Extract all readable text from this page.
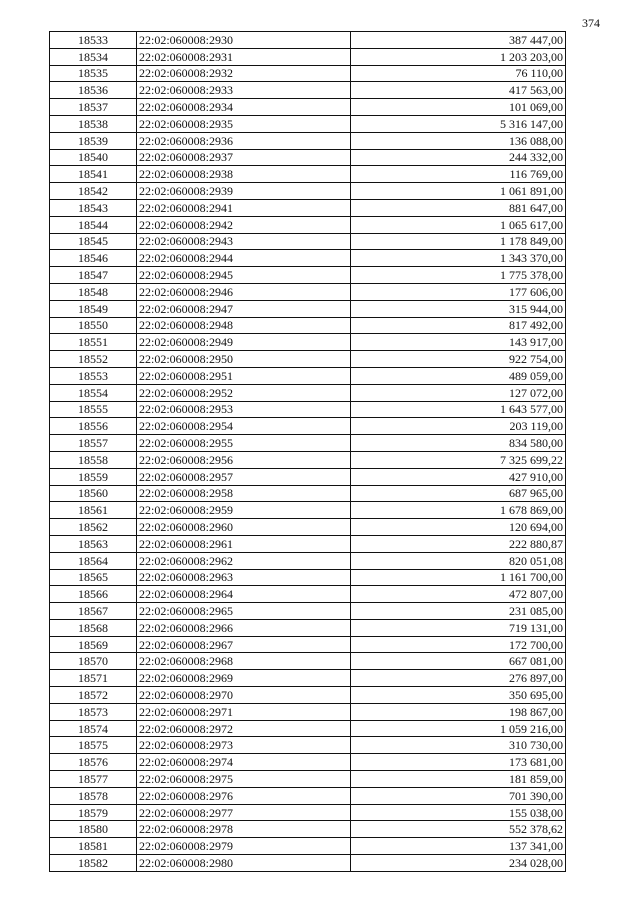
374
18533	22:02:060008:2930	387 447,00
18534	22:02:060008:2931	1 203 203,00
18535	22:02:060008:2932	76 110,00
18536	22:02:060008:2933	417 563,00
18537	22:02:060008:2934	101 069,00
18538	22:02:060008:2935	5 316 147,00
18539	22:02:060008:2936	136 088,00
18540	22:02:060008:2937	244 332,00
18541	22:02:060008:2938	116 769,00
18542	22:02:060008:2939	1 061 891,00
18543	22:02:060008:2941	881 647,00
18544	22:02:060008:2942	1 065 617,00
18545	22:02:060008:2943	1 178 849,00
18546	22:02:060008:2944	1 343 370,00
18547	22:02:060008:2945	1 775 378,00
18548	22:02:060008:2946	177 606,00
18549	22:02:060008:2947	315 944,00
18550	22:02:060008:2948	817 492,00
18551	22:02:060008:2949	143 917,00
18552	22:02:060008:2950	922 754,00
18553	22:02:060008:2951	489 059,00
18554	22:02:060008:2952	127 072,00
18555	22:02:060008:2953	1 643 577,00
18556	22:02:060008:2954	203 119,00
18557	22:02:060008:2955	834 580,00
18558	22:02:060008:2956	7 325 699,22
18559	22:02:060008:2957	427 910,00
18560	22:02:060008:2958	687 965,00
18561	22:02:060008:2959	1 678 869,00
18562	22:02:060008:2960	120 694,00
18563	22:02:060008:2961	222 880,87
18564	22:02:060008:2962	820 051,08
18565	22:02:060008:2963	1 161 700,00
18566	22:02:060008:2964	472 807,00
18567	22:02:060008:2965	231 085,00
18568	22:02:060008:2966	719 131,00
18569	22:02:060008:2967	172 700,00
18570	22:02:060008:2968	667 081,00
18571	22:02:060008:2969	276 897,00
18572	22:02:060008:2970	350 695,00
18573	22:02:060008:2971	198 867,00
18574	22:02:060008:2972	1 059 216,00
18575	22:02:060008:2973	310 730,00
18576	22:02:060008:2974	173 681,00
18577	22:02:060008:2975	181 859,00
18578	22:02:060008:2976	701 390,00
18579	22:02:060008:2977	155 038,00
18580	22:02:060008:2978	552 378,62
18581	22:02:060008:2979	137 341,00
18582	22:02:060008:2980	234 028,00
